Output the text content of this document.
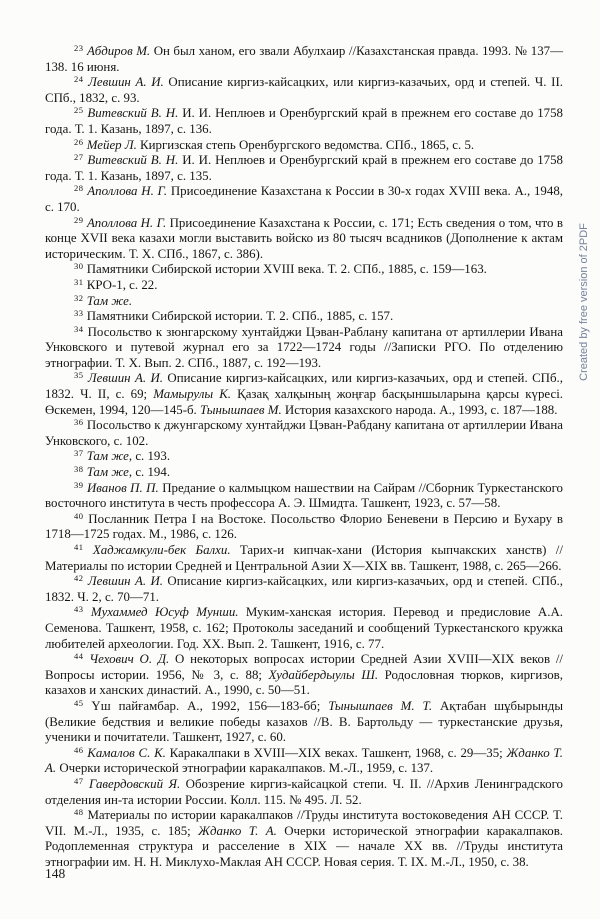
$^{23}$ Абдиров М. Он был ханом, его звали Абулхаир //Казахстанская правда. 1993. № 137—138. 16 июня.

$^{24}$ Левшин А. И. Описание киргиз-кайсацких, или киргиз-казачьих, орд и степей. Ч. II. СПб., 1832, с. 93.

$^{25}$ Витевский В. Н. И. И. Неплюев и Оренбургский край в прежнем его составе до 1758 года. Т. 1. Казань, 1897, с. 136.

$^{26}$ Мейер Л. Киргизская степь Оренбургского ведомства. СПб., 1865, с. 5.

$^{27}$ Витевский В. Н. И. И. Неплюев и Оренбургский край в прежнем его составе до 1758 года. Т. 1. Казань, 1897, с. 135.

$^{28}$ Аполлова Н. Г. Присоединение Казахстана к России в 30-х годах XVIII века. А., 1948, с. 170.

$^{29}$ Аполлова Н. Г. Присоединение Казахстана к России, с. 171; Есть сведения о том, что в конце XVII века казахи могли выставить войско из 80 тысяч всадников (Дополнение к актам историческим. Т. X. СПб., 1867, с. 386).

$^{30}$ Памятники Сибирской истории XVIII века. Т. 2. СПб., 1885, с. 159—163.

$^{31}$ КРО-1, с. 22.

$^{32}$ Там же.

$^{33}$ Памятники Сибирской истории. Т. 2. СПб., 1885, с. 157.

$^{34}$ Посольство к зюнгарскому хунтайджи Цэван-Раблану капитана от артиллерии Ивана Унковского и путевой журнал его за 1722—1724 годы //Записки РГО. По отделению этнографии. Т. X. Вып. 2. СПб., 1887, с. 192—193.

$^{35}$ Левшин А. И. Описание киргиз-кайсацких, или киргиз-казачьих, орд и степей. СПб., 1832. Ч. II, с. 69; Мамырулы К. Қазақ халқының жоңғар басқыншыларына қарсы күресі. Өскемен, 1994, 120—145-б. Тынышпаев М. История казахского народа. А., 1993, с. 187—188.

$^{36}$ Посольство к джунгарскому хунтайджи Цэван-Рабдану капитана от артиллерии Ивана Унковского, с. 102.

$^{37}$ Там же, с. 193.

$^{38}$ Там же, с. 194.

$^{39}$ Иванов П. П. Предание о калмыцком нашествии на Сайрам //Сборник Туркестанского восточного института в честь профессора А. Э. Шмидта. Ташкент, 1923, с. 57—58.

$^{40}$ Посланник Петра I на Востоке. Посольство Флорио Беневени в Персию и Бухару в 1718—1725 годах. М., 1986, с. 126.

$^{41}$ Хаджамкули-бек Балхи. Тарих-и кипчак-хани (История кыпчакских ханств) //Материалы по истории Средней и Центральной Азии X—XIX вв. Ташкент, 1988, с. 265—266.

$^{42}$ Левшин А. И. Описание киргиз-кайсацких, или киргиз-казачьих, орд и степей. СПб., 1832. Ч. 2, с. 70—71.

$^{43}$ Мухаммед Юсуф Мунши. Муким-ханская история. Перевод и предисловие А.А. Семенова. Ташкент, 1958, с. 162; Протоколы заседаний и сообщений Туркестанского кружка любителей археологии. Год. XX. Вып. 2. Ташкент, 1916, с. 77.

$^{44}$ Чехович О. Д. О некоторых вопросах истории Средней Азии XVIII—XIX веков //Вопросы истории. 1956, № 3, с. 88; Худайбердыулы Ш. Родословная тюрков, киргизов, казахов и ханских династий. А., 1990, с. 50—51.

$^{45}$ Үш пайғамбар. А., 1992, 156—183-бб; Тынышпаев М. Т. Ақтабан шұбырынды (Великие бедствия и великие победы казахов //В. В. Бартольду — туркестанские друзья, ученики и почитатели. Ташкент, 1927, с. 60.

$^{46}$ Камалов С. К. Каракалпаки в XVIII—XIX веках. Ташкент, 1968, с. 29—35; Жданко Т. А. Очерки исторической этнографии каракалпаков. М.-Л., 1959, с. 137.

$^{47}$ Гавердовский Я. Обозрение киргиз-кайсацкой степи. Ч. II. //Архив Ленинградского отделения ин-та истории России. Колл. 115. № 495. Л. 52.

$^{48}$ Материалы по истории каракалпаков //Труды института востоковедения АН СССР. Т. VII. М.-Л., 1935, с. 185; Жданко Т. А. Очерки исторической этнографии каракалпаков. Родоплеменная структура и расселение в XIX — начале XX вв. //Труды института этнографии им. Н. Н. Миклухо-Маклая АН СССР. Новая серия. Т. IX. М.-Л., 1950, с. 38.

148
Created by free version of 2PDF
